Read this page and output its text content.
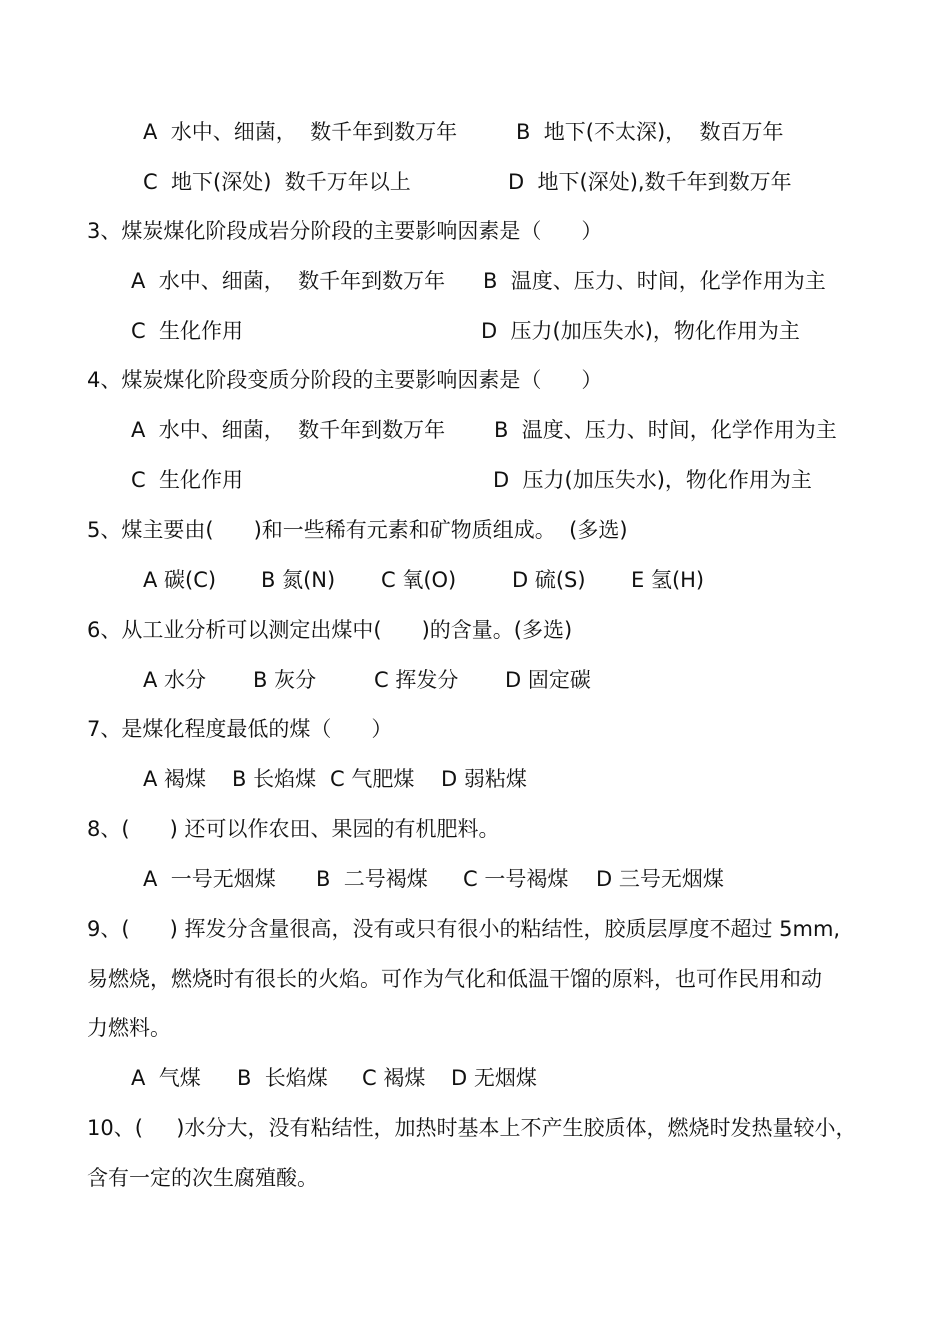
A  水中、细菌，  数千年到数万年	B  地下(不太深)，  数百万年
C  地下(深处)  数千万年以上	D  地下(深处),数千年到数万年

3、煤炭煤化阶段成岩分阶段的主要影响因素是（      ）

A  水中、细菌，  数千年到数万年 B  温度、压力、时间，化学作用为主
C  生化作用	D  压力(加压失水)，物化作用为主

4、煤炭煤化阶段变质分阶段的主要影响因素是（      ）

A  水中、细菌，  数千年到数万年 B  温度、压力、时间，化学作用为主
C  生化作用	D  压力(加压失水)，物化作用为主

5、煤主要由(      )和一些稀有元素和矿物质组成。  (多选)

A 碳(C) B 氮(N) C 氧(O)	D 硫(S) E 氢(H)

6、从工业分析可以测定出煤中(      )的含量。(多选)

A 水分 B 灰分	C 挥发分 D 固定碳

7、是煤化程度最低的煤（      ）

A 褐煤 B 长焰煤 C 气肥煤 D 弱粘煤

8、(      ) 还可以作农田、果园的有机肥料。

A  一号无烟煤 B  二号褐煤 C 一号褐煤 D 三号无烟煤

9、(      ) 挥发分含量很高，没有或只有很小的粘结性，胶质层厚度不超过 5mm,

易燃烧，燃烧时有很长的火焰。可作为气化和低温干馏的原料，也可作民用和动

力燃料。

A  气煤 B  长焰煤 C 褐煤 D 无烟煤

10、(     )水分大，没有粘结性，加热时基本上不产生胶质体，燃烧时发热量较小，

含有一定的次生腐殖酸。
